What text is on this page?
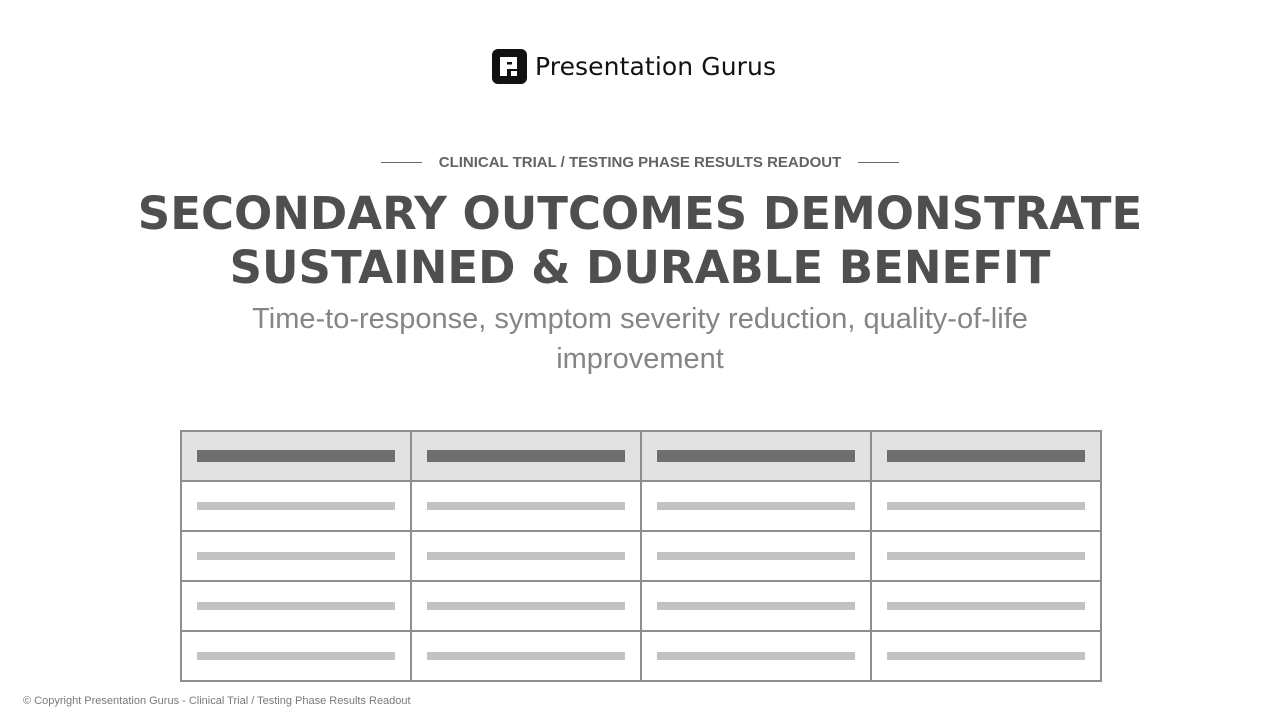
Presentation Gurus
CLINICAL TRIAL / TESTING PHASE RESULTS READOUT
SECONDARY OUTCOMES DEMONSTRATE
SUSTAINED & DURABLE BENEFIT

Time-to-response, symptom severity reduction, quality-of-life
improvement

© Copyright Presentation Gurus - Clinical Trial / Testing Phase Results Readout
